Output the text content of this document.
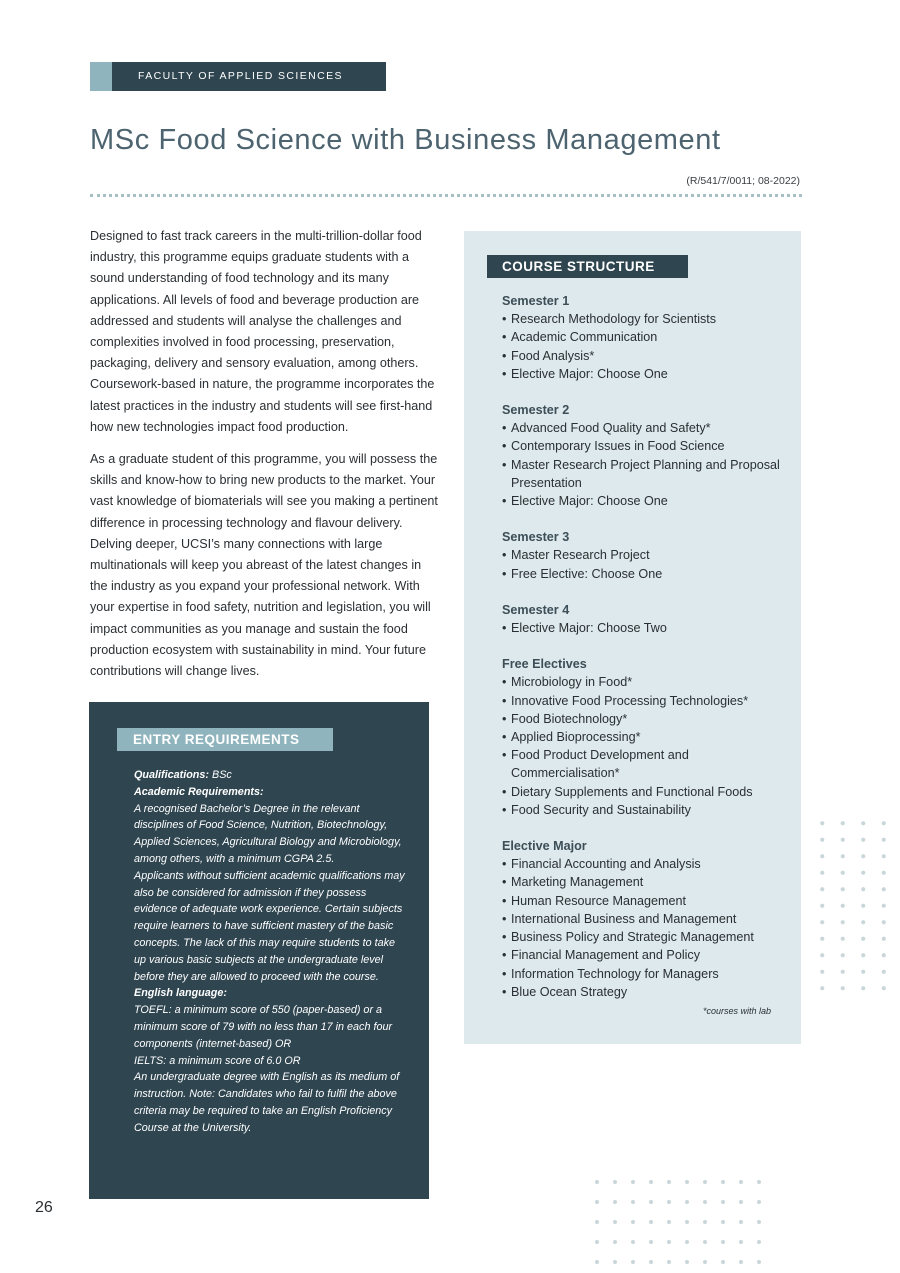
FACULTY OF APPLIED SCIENCES
MSc Food Science with Business Management
(R/541/7/0011; 08-2022)

Designed to fast track careers in the multi-trillion-dollar food industry, this programme equips graduate students with a sound understanding of food technology and its many applications. All levels of food and beverage production are addressed and students will analyse the challenges and complexities involved in food processing, preservation, packaging, delivery and sensory evaluation, among others. Coursework-based in nature, the programme incorporates the latest practices in the industry and students will see first-hand how new technologies impact food production.

As a graduate student of this programme, you will possess the skills and know-how to bring new products to the market. Your vast knowledge of biomaterials will see you making a pertinent difference in processing technology and flavour delivery. Delving deeper, UCSI’s many connections with large multinationals will keep you abreast of the latest changes in the industry as you expand your professional network. With your expertise in food safety, nutrition and legislation, you will impact communities as you manage and sustain the food production ecosystem with sustainability in mind. Your future contributions will change lives.

ENTRY REQUIREMENTS
Qualifications: BSc
Academic Requirements:
A recognised Bachelor’s Degree in the relevant disciplines of Food Science, Nutrition, Biotechnology, Applied Sciences, Agricultural Biology and Microbiology, among others, with a minimum CGPA 2.5.
Applicants without sufficient academic qualifications may also be considered for admission if they possess evidence of adequate work experience. Certain subjects require learners to have sufficient mastery of the basic concepts. The lack of this may require students to take up various basic subjects at the undergraduate level before they are allowed to proceed with the course.
English language:
TOEFL: a minimum score of 550 (paper-based) or a minimum score of 79 with no less than 17 in each four components (internet-based) OR
IELTS: a minimum score of 6.0 OR
An undergraduate degree with English as its medium of instruction. Note: Candidates who fail to fulfil the above criteria may be required to take an English Proficiency Course at the University.
COURSE STRUCTURE
Semester 1
• Research Methodology for Scientists
• Academic Communication
• Food Analysis*
• Elective Major: Choose One
Semester 2
• Advanced Food Quality and Safety*
• Contemporary Issues in Food Science
• Master Research Project Planning and Proposal Presentation
• Elective Major: Choose One
Semester 3
• Master Research Project
• Free Elective: Choose One
Semester 4
• Elective Major: Choose Two
Free Electives
• Microbiology in Food*
• Innovative Food Processing Technologies*
• Food Biotechnology*
• Applied Bioprocessing*
• Food Product Development and Commercialisation*
• Dietary Supplements and Functional Foods
• Food Security and Sustainability
Elective Major
• Financial Accounting and Analysis
• Marketing Management
• Human Resource Management
• International Business and Management
• Business Policy and Strategic Management
• Financial Management and Policy
• Information Technology for Managers
• Blue Ocean Strategy
*courses with lab
26
